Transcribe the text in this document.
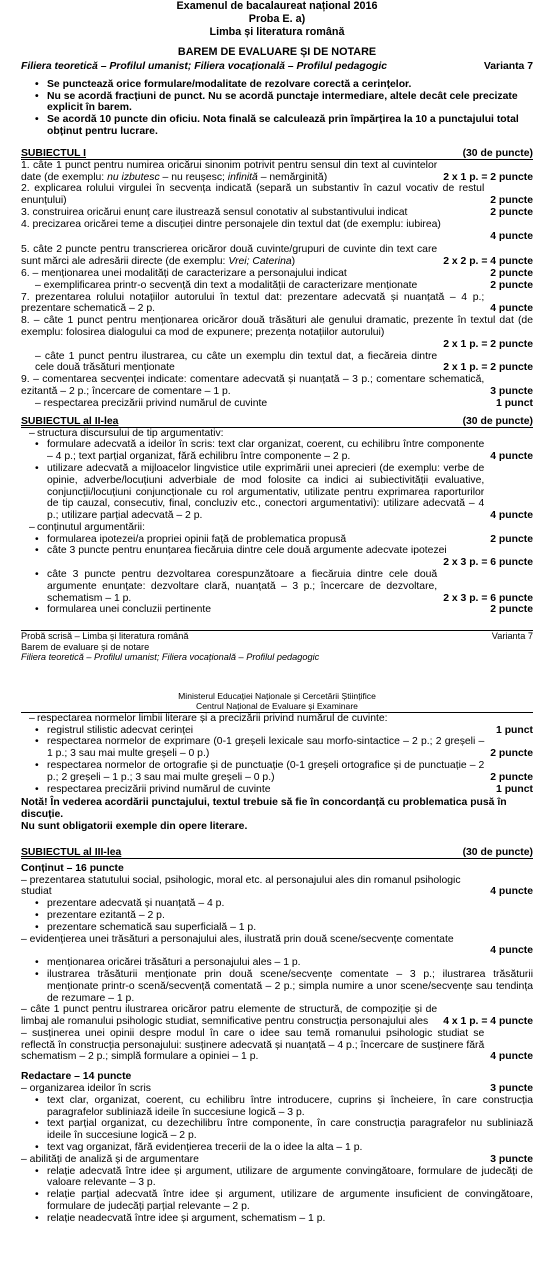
Examenul de bacalaureat național 2016
Proba E. a)
Limba și literatura română
BAREM DE EVALUARE ȘI DE NOTARE
Filiera teoretică – Profilul umanist; Filiera vocațională – Profilul pedagogic	Varianta 7
• Se punctează orice formulare/modalitate de rezolvare corectă a cerințelor.
• Nu se acordă fracțiuni de punct. Nu se acordă punctaje intermediare, altele decât cele precizate explicit în barem.
• Se acordă 10 puncte din oficiu. Nota finală se calculează prin împărțirea la 10 a punctajului total obținut pentru lucrare.
SUBIECTUL I	(30 de puncte)
1. câte 1 punct pentru numirea oricărui sinonim potrivit pentru sensul din text al cuvintelor date (de exemplu: nu izbutesc – nu reușesc; infinită – nemărginită)	2 x 1 p. = 2 puncte
2. explicarea rolului virgulei în secvența indicată (separă un substantiv în cazul vocativ de restul enunțului)	2 puncte
3. construirea oricărui enunț care ilustrează sensul conotativ al substantivului indicat	2 puncte
4. precizarea oricărei teme a discuției dintre personajele din textul dat (de exemplu: iubirea)
4 puncte
5. câte 2 puncte pentru transcrierea oricăror două cuvinte/grupuri de cuvinte din text care sunt mărci ale adresării directe (de exemplu: Vrei; Caterina)	2 x 2 p. = 4 puncte
6. – menționarea unei modalități de caracterizare a personajului indicat	2 puncte
– exemplificarea printr-o secvență din text a modalității de caracterizare menționate	2 puncte
7. prezentarea rolului notațiilor autorului în textul dat: prezentare adecvată și nuanțată – 4 p.; prezentare schematică – 2 p.	4 puncte
8. – câte 1 punct pentru menționarea oricăror două trăsături ale genului dramatic, prezente în textul dat (de exemplu: folosirea dialogului ca mod de expunere; prezența notațiilor autorului)
2 x 1 p. = 2 puncte
– câte 1 punct pentru ilustrarea, cu câte un exemplu din textul dat, a fiecăreia dintre cele două trăsături menționate	2 x 1 p. = 2 puncte
9. – comentarea secvenței indicate: comentare adecvată și nuanțată – 3 p.; comentare schematică, ezitantă – 2 p.; încercare de comentare – 1 p.	3 puncte
– respectarea precizării privind numărul de cuvinte	1 punct
SUBIECTUL al II-lea	(30 de puncte)
– structura discursului de tip argumentativ:
• formulare adecvată a ideilor în scris: text clar organizat, coerent, cu echilibru între componente – 4 p.; text parțial organizat, fără echilibru între componente – 2 p.	4 puncte
• utilizare adecvată a mijloacelor lingvistice utile exprimării unei aprecieri (de exemplu: verbe de opinie, adverbe/locuțiuni adverbiale de mod folosite ca indici ai subiectivității evaluative, conjuncții/locuțiuni conjuncționale cu rol argumentativ, utilizate pentru exprimarea raporturilor de tip cauzal, consecutiv, final, concluziv etc., conectori argumentativi): utilizare adecvată – 4 p.; utilizare parțial adecvată – 2 p.	4 puncte
– conținutul argumentării:
• formularea ipotezei/a propriei opinii față de problematica propusă	2 puncte
• câte 3 puncte pentru enunțarea fiecăruia dintre cele două argumente adecvate ipotezei
2 x 3 p. = 6 puncte
• câte 3 puncte pentru dezvoltarea corespunzătoare a fiecăruia dintre cele două argumente enunțate: dezvoltare clară, nuanțată – 3 p.; încercare de dezvoltare, schematism – 1 p.	2 x 3 p. = 6 puncte
• formularea unei concluzii pertinente	2 puncte
Probă scrisă – Limba și literatura română	Varianta 7
Barem de evaluare și de notare
Filiera teoretică – Profilul umanist; Filiera vocațională – Profilul pedagogic
Ministerul Educației Naționale și Cercetării Științifice
Centrul Național de Evaluare și Examinare
– respectarea normelor limbii literare și a precizării privind numărul de cuvinte:
• registrul stilistic adecvat cerinței	1 punct
• respectarea normelor de exprimare (0-1 greșeli lexicale sau morfo-sintactice – 2 p.; 2 greșeli – 1 p.; 3 sau mai multe greșeli – 0 p.)	2 puncte
• respectarea normelor de ortografie și de punctuație (0-1 greșeli ortografice și de punctuație – 2 p.; 2 greșeli – 1 p.; 3 sau mai multe greșeli – 0 p.)	2 puncte
• respectarea precizării privind numărul de cuvinte	1 punct
Notă! În vederea acordării punctajului, textul trebuie să fie în concordanță cu problematica pusă în discuție.
Nu sunt obligatorii exemple din opere literare.
SUBIECTUL al III-lea	(30 de puncte)
Conținut – 16 puncte
– prezentarea statutului social, psihologic, moral etc. al personajului ales din romanul psihologic studiat	4 puncte
• prezentare adecvată și nuanțată – 4 p.
• prezentare ezitantă – 2 p.
• prezentare schematică sau superficială – 1 p.
– evidențierea unei trăsături a personajului ales, ilustrată prin două scene/secvențe comentate
4 puncte
• menționarea oricărei trăsături a personajului ales – 1 p.
• ilustrarea trăsăturii menționate prin două scene/secvențe comentate – 3 p.; ilustrarea trăsăturii menționate printr-o scenă/secvență comentată – 2 p.; simpla numire a unor scene/secvențe sau tendința de rezumare – 1 p.
– câte 1 punct pentru ilustrarea oricăror patru elemente de structură, de compoziție și de limbaj ale romanului psihologic studiat, semnificative pentru construcția personajului ales	4 x 1 p. = 4 puncte
– susținerea unei opinii despre modul în care o idee sau temă romanului psihologic studiat se reflectă în construcția personajului: susținere adecvată și nuanțată – 4 p.; încercare de susținere fără schematism – 2 p.; simplă formulare a opiniei – 1 p.	4 puncte
Redactare – 14 puncte
– organizarea ideilor în scris	3 puncte
• text clar, organizat, coerent, cu echilibru între introducere, cuprins și încheiere, în care construcția paragrafelor subliniază ideile în succesiune logică – 3 p.
• text parțial organizat, cu dezechilibru între componente, în care construcția paragrafelor nu subliniază ideile în succesiune logică – 2 p.
• text vag organizat, fără evidențierea trecerii de la o idee la alta – 1 p.
– abilități de analiză și de argumentare	3 puncte
• relație adecvată între idee și argument, utilizare de argumente convingătoare, formulare de judecăți de valoare relevante – 3 p.
• relație parțial adecvată între idee și argument, utilizare de argumente insuficient de convingătoare, formulare de judecăți parțial relevante – 2 p.
• relație neadecvată între idee și argument, schematism – 1 p.
